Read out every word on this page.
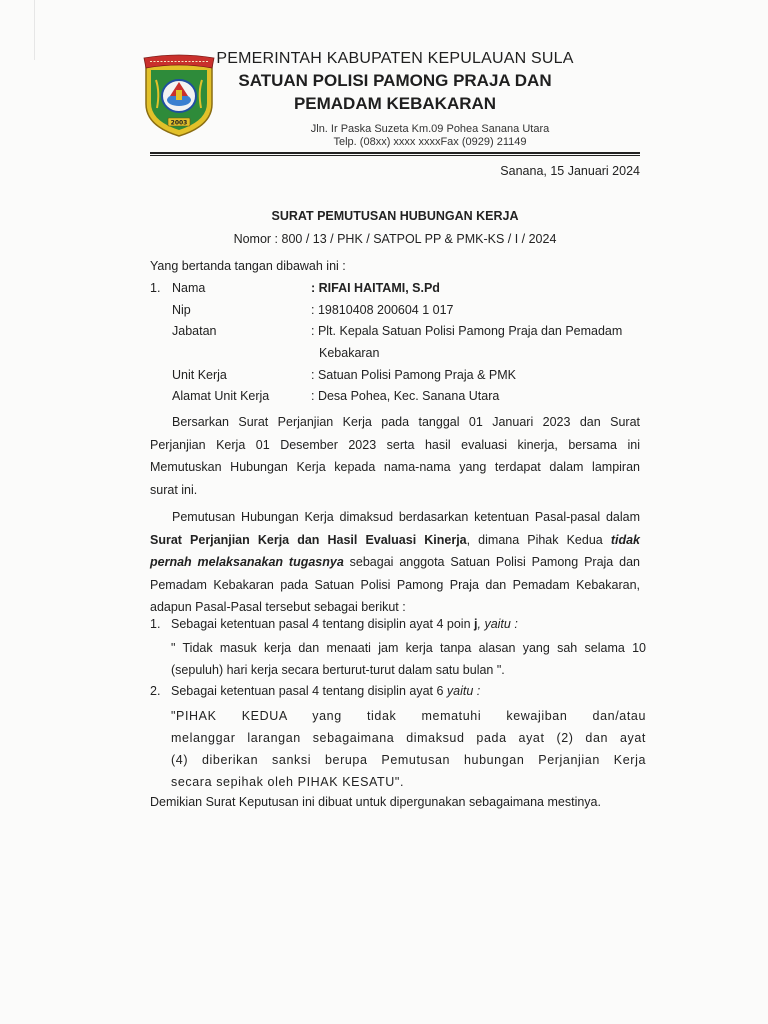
2003
PEMERINTAH KABUPATEN KEPULAUAN SULA
SATUAN POLISI PAMONG PRAJA DAN
PEMADAM KEBAKARAN
Jln. Ir Paska Suzeta Km.09 Pohea Sanana Utara
Telp. (08xx) xxxx xxxxFax (0929) 21149
Sanana, 15 Januari 2024
SURAT PEMUTUSAN HUBUNGAN KERJA
Nomor : 800 / 13 / PHK / SATPOL PP & PMK-KS / I / 2024
Yang bertanda tangan dibawah ini :
1. Nama	: RIFAI HAITAMI, S.Pd
Nip	: 19810408 200604 1 017
Jabatan	: Plt. Kepala Satuan Polisi Pamong Praja dan Pemadam
Kebakaran
Unit Kerja	: Satuan Polisi Pamong Praja & PMK
Alamat Unit Kerja	: Desa Pohea, Kec. Sanana Utara
Bersarkan Surat Perjanjian Kerja pada tanggal 01 Januari 2023 dan Surat
Perjanjian Kerja 01 Desember 2023 serta hasil evaluasi kinerja, bersama ini
Memutuskan Hubungan Kerja kepada nama-nama yang terdapat dalam lampiran
surat ini.
Pemutusan Hubungan Kerja dimaksud berdasarkan ketentuan Pasal-pasal dalam
Surat Perjanjian Kerja dan Hasil Evaluasi Kinerja, dimana Pihak Kedua tidak
pernah melaksanakan tugasnya sebagai anggota Satuan Polisi Pamong Praja dan
Pemadam Kebakaran pada Satuan Polisi Pamong Praja dan Pemadam Kebakaran,
adapun Pasal-Pasal tersebut sebagai berikut :
1. Sebagai ketentuan pasal 4 tentang disiplin ayat 4 poin j, yaitu :
" Tidak masuk kerja dan menaati jam kerja tanpa alasan yang sah selama 10
(sepuluh) hari kerja secara berturut-turut dalam satu bulan ".
2. Sebagai ketentuan pasal 4 tentang disiplin ayat 6 yaitu :
"PIHAK KEDUA yang tidak mematuhi kewajiban dan/atau
melanggar larangan sebagaimana dimaksud pada ayat (2) dan ayat
(4) diberikan sanksi berupa Pemutusan hubungan Perjanjian Kerja
secara sepihak oleh PIHAK KESATU".
Demikian Surat Keputusan ini dibuat untuk dipergunakan sebagaimana mestinya.
